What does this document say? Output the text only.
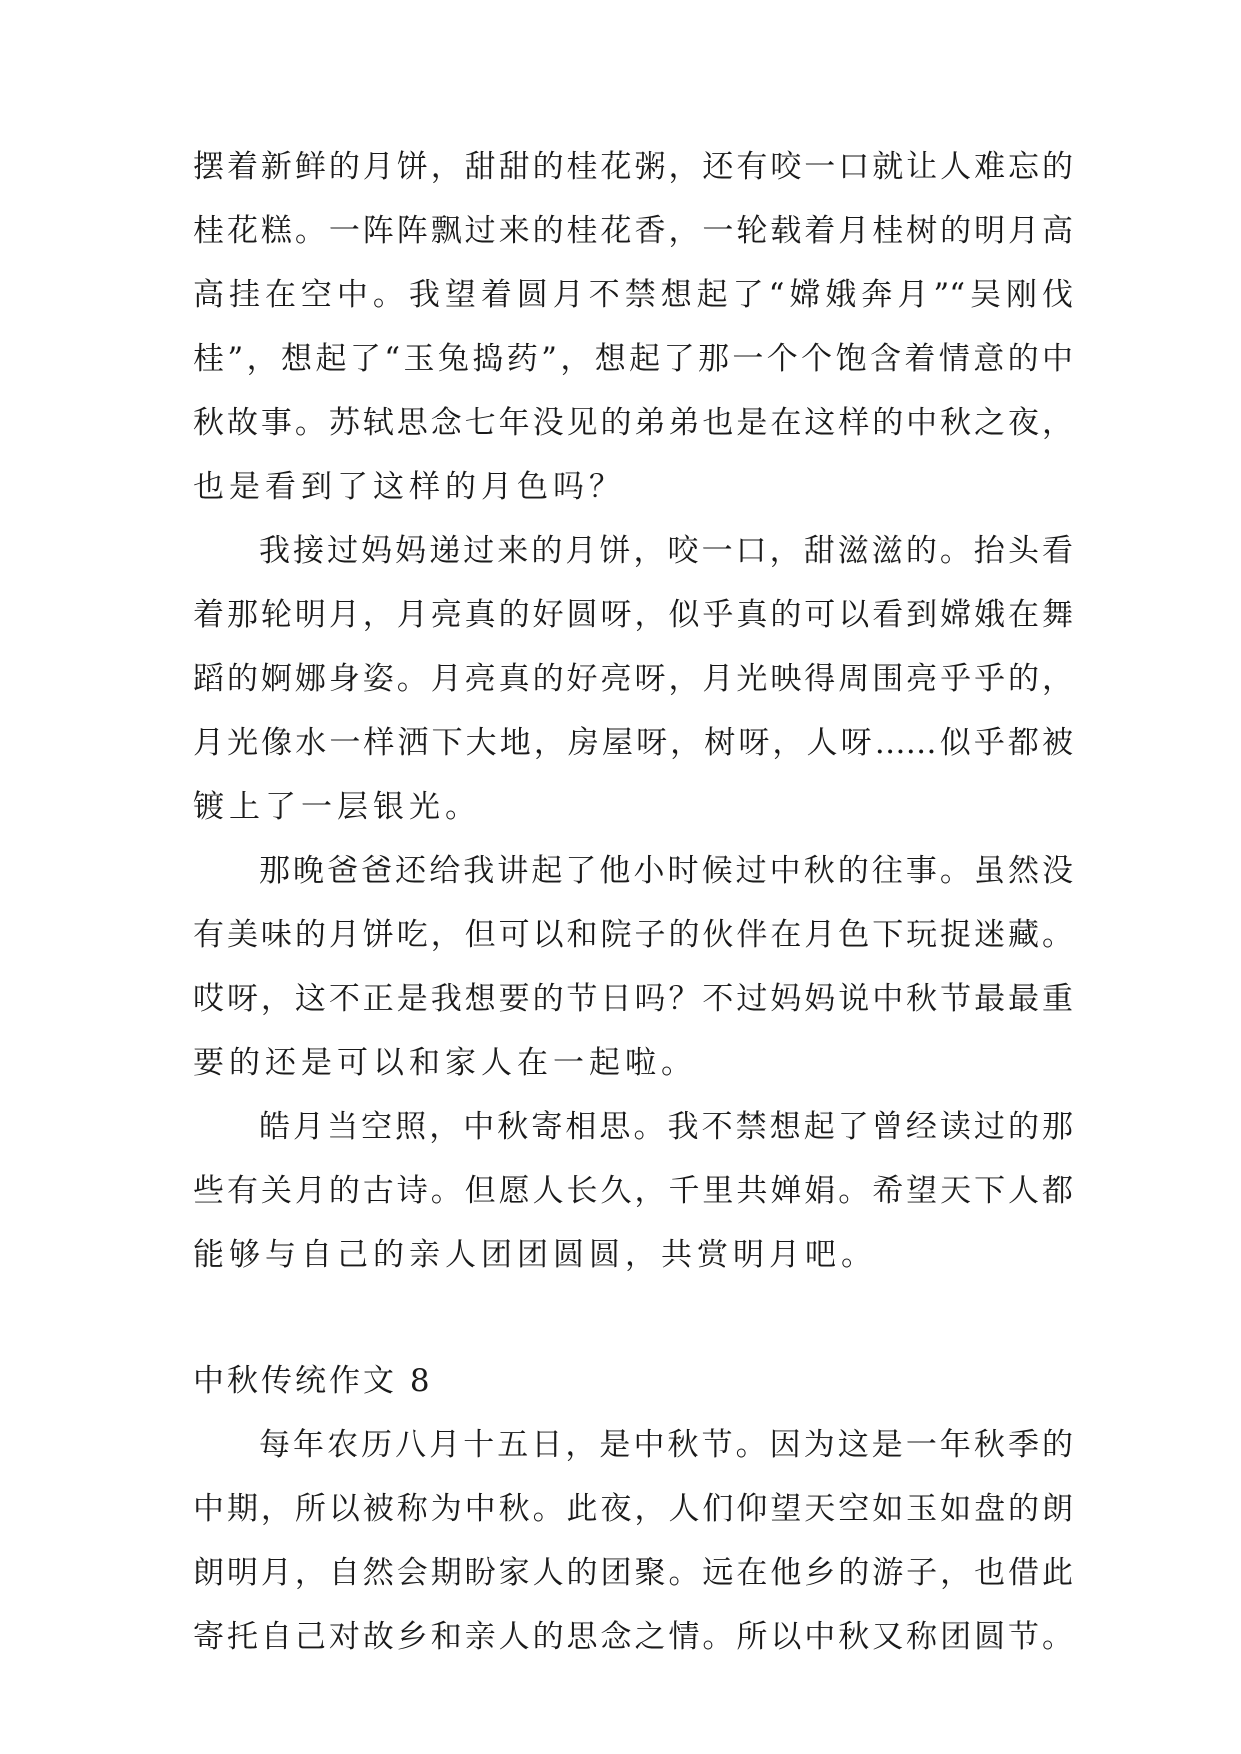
摆着新鲜的月饼，甜甜的桂花粥，还有咬一口就让人难忘的
桂花糕。一阵阵飘过来的桂花香，一轮载着月桂树的明月高
高挂在空中。我望着圆月不禁想起了“嫦娥奔月”“吴刚伐
桂”，想起了“玉兔捣药”，想起了那一个个饱含着情意的中
秋故事。苏轼思念七年没见的弟弟也是在这样的中秋之夜，
也是看到了这样的月色吗？
我接过妈妈递过来的月饼，咬一口，甜滋滋的。抬头看
着那轮明月，月亮真的好圆呀，似乎真的可以看到嫦娥在舞
蹈的婀娜身姿。月亮真的好亮呀，月光映得周围亮乎乎的，
月光像水一样洒下大地，房屋呀，树呀，人呀……似乎都被
镀上了一层银光。
那晚爸爸还给我讲起了他小时候过中秋的往事。虽然没
有美味的月饼吃，但可以和院子的伙伴在月色下玩捉迷藏。
哎呀，这不正是我想要的节日吗？不过妈妈说中秋节最最重
要的还是可以和家人在一起啦。
皓月当空照，中秋寄相思。我不禁想起了曾经读过的那
些有关月的古诗。但愿人长久，千里共婵娟。希望天下人都
能够与自己的亲人团团圆圆，共赏明月吧。
中秋传统作文 8
每年农历八月十五日，是中秋节。因为这是一年秋季的
中期，所以被称为中秋。此夜，人们仰望天空如玉如盘的朗
朗明月，自然会期盼家人的团聚。远在他乡的游子，也借此
寄托自己对故乡和亲人的思念之情。所以中秋又称团圆节。
